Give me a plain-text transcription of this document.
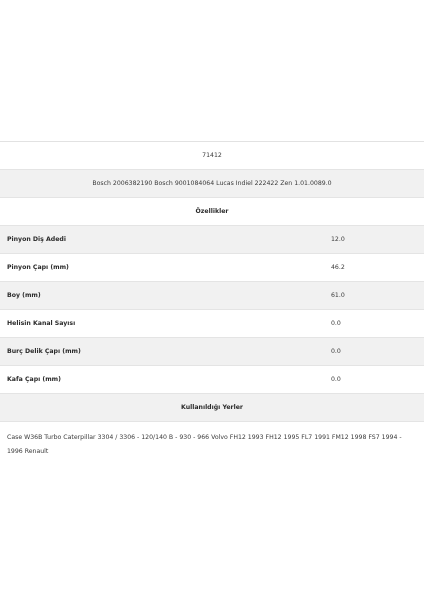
71412
Bosch 2006382190 Bosch 9001084064 Lucas Indiel 222422 Zen 1.01.0089.0
Özellikler
Pinyon Diş Adedi	12.0
Pinyon Çapı (mm)	46.2
Boy (mm)	61.0
Helisin Kanal Sayısı	0.0
Burç Delik Çapı (mm)	0.0
Kafa Çapı (mm)	0.0
Kullanıldığı Yerler
Case W36B Turbo Caterpillar 3304 / 3306 - 120/140 B - 930 - 966 Volvo FH12 1993 FH12 1995 FL7 1991 FM12 1998 FS7 1994 - 1996 Renault
